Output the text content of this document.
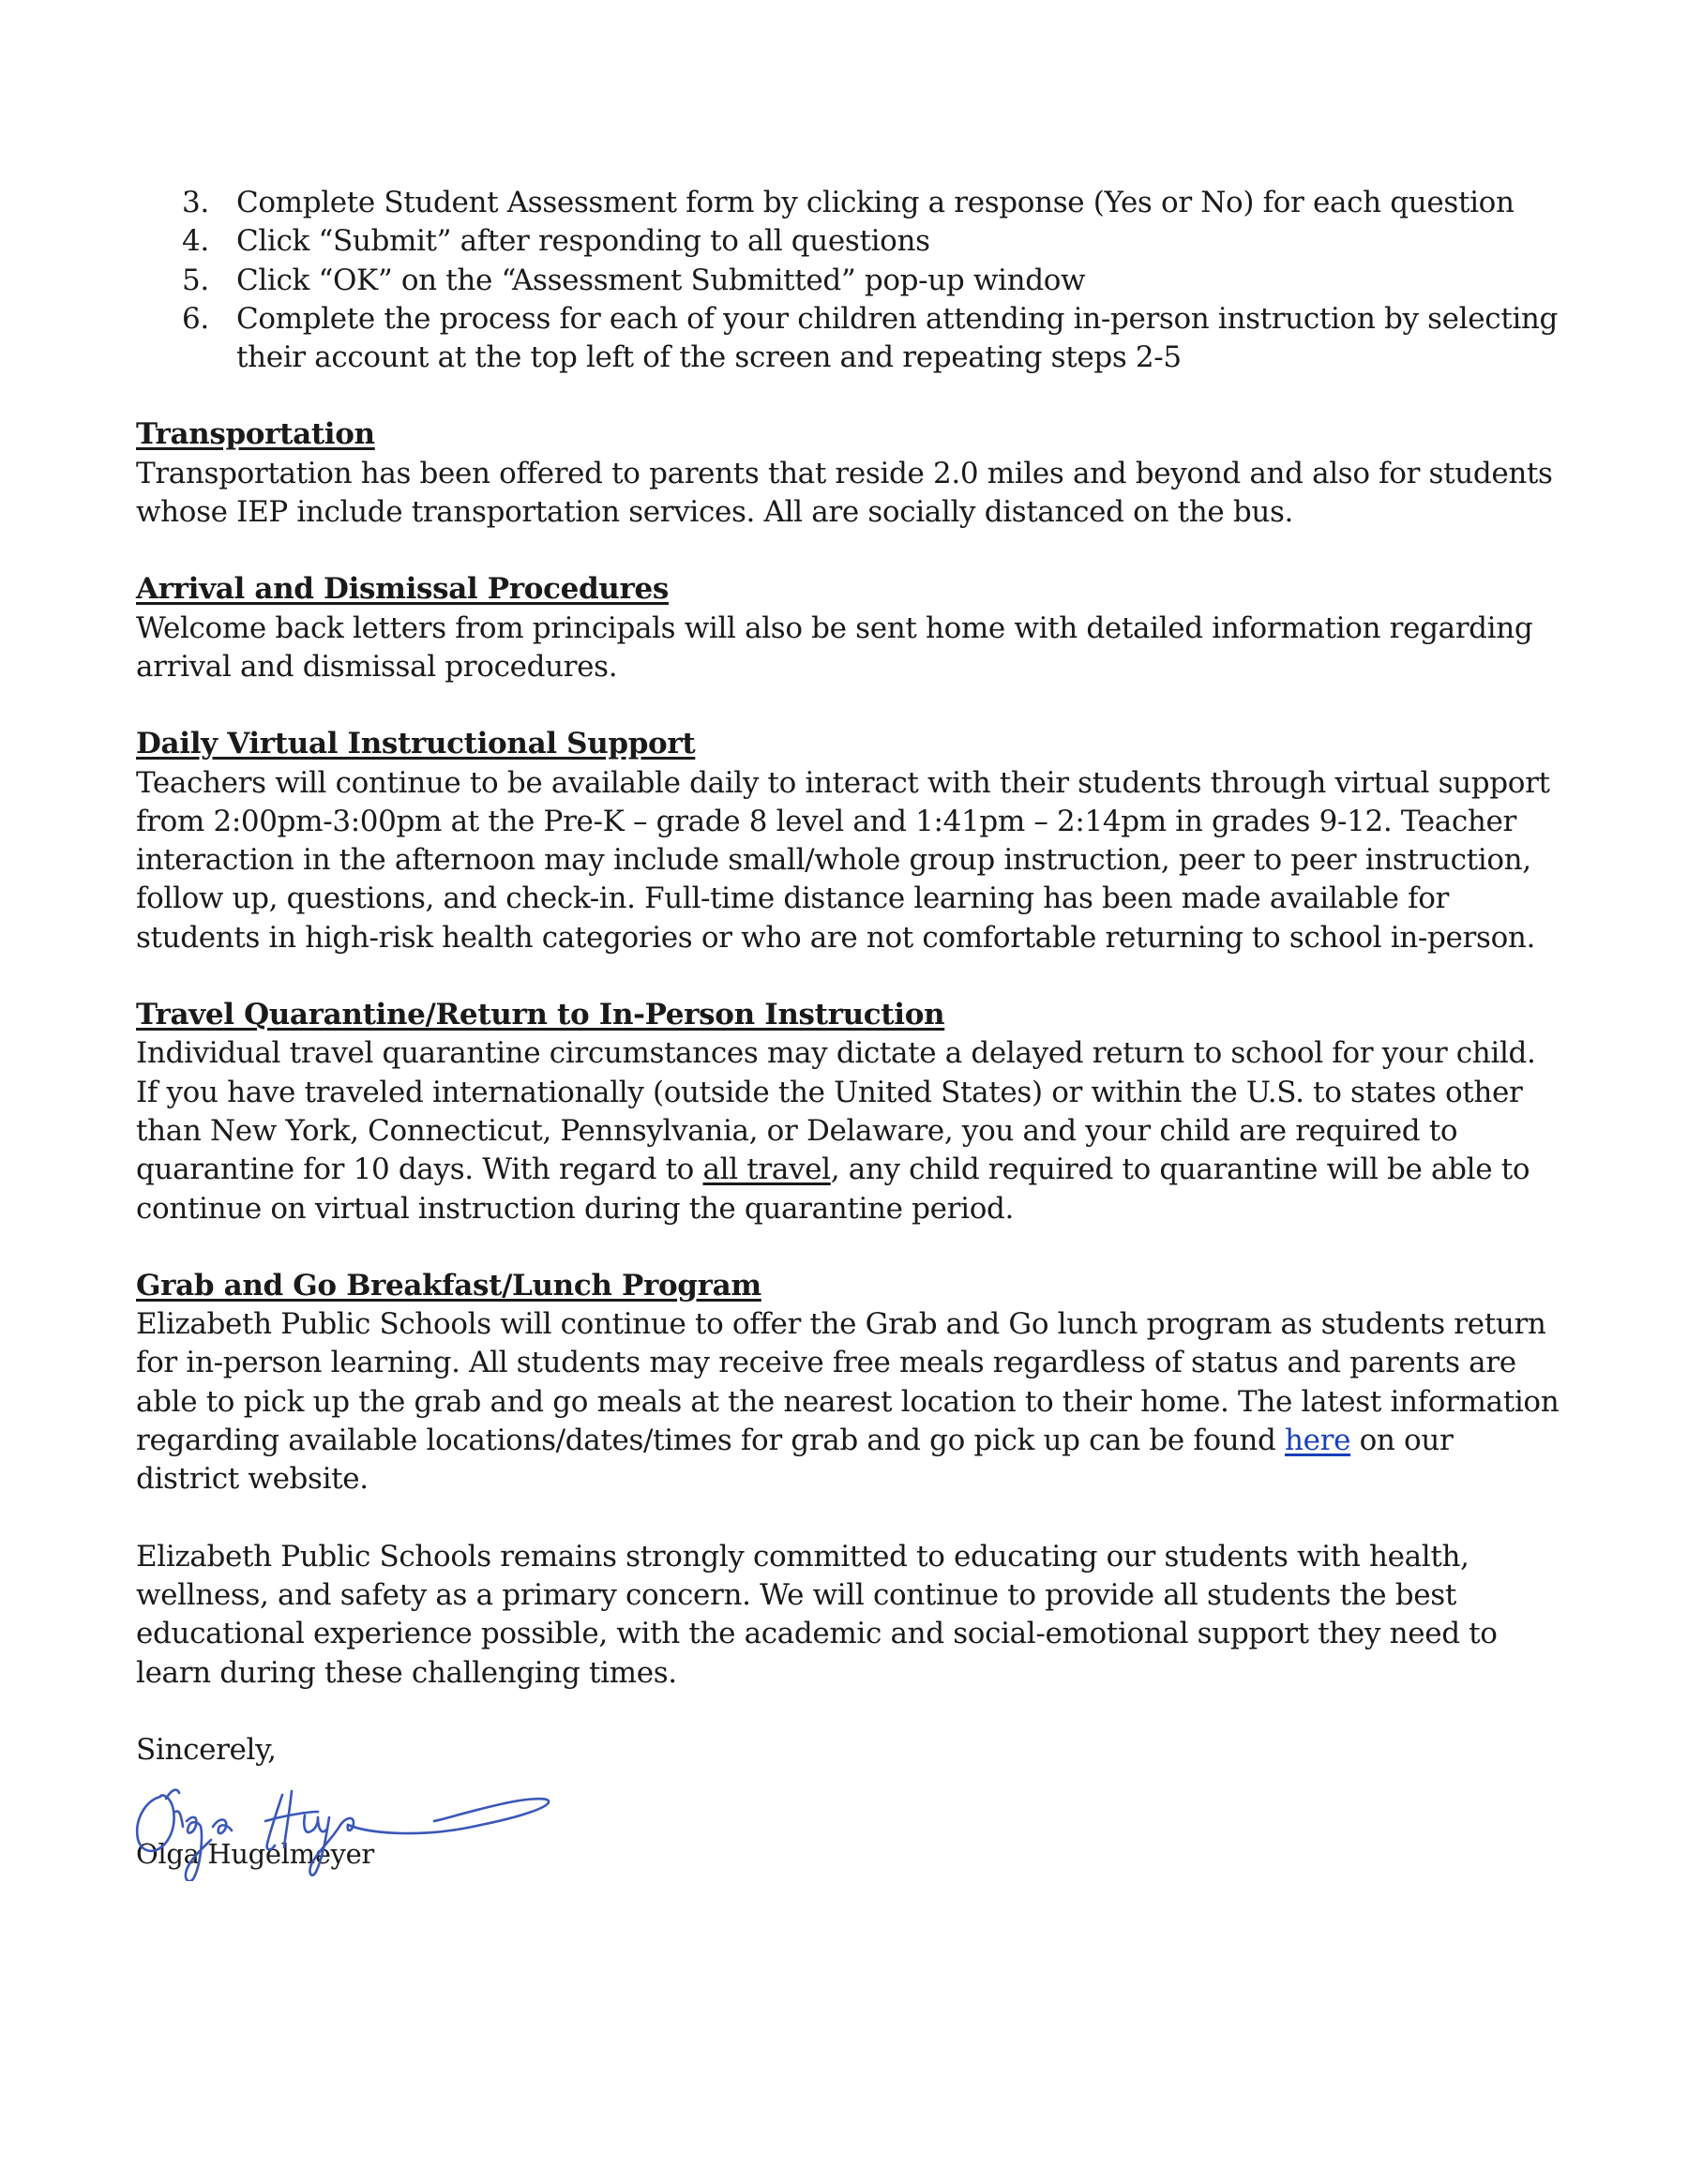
3. Complete Student Assessment form by clicking a response (Yes or No) for each question
4. Click “Submit” after responding to all questions
5. Click “OK” on the “Assessment Submitted” pop-up window
6. Complete the process for each of your children attending in-person instruction by selecting their account at the top left of the screen and repeating steps 2-5
Transportation

Transportation has been offered to parents that reside 2.0 miles and beyond and also for students whose IEP include transportation services. All are socially distanced on the bus.

Arrival and Dismissal Procedures

Welcome back letters from principals will also be sent home with detailed information regarding arrival and dismissal procedures.

Daily Virtual Instructional Support

Teachers will continue to be available daily to interact with their students through virtual support from 2:00pm-3:00pm at the Pre-K – grade 8 level and 1:41pm – 2:14pm in grades 9-12. Teacher interaction in the afternoon may include small/whole group instruction, peer to peer instruction, follow up, questions, and check-in. Full-time distance learning has been made available for students in high-risk health categories or who are not comfortable returning to school in-person.

Travel Quarantine/Return to In-Person Instruction

Individual travel quarantine circumstances may dictate a delayed return to school for your child. If you have traveled internationally (outside the United States) or within the U.S. to states other than New York, Connecticut, Pennsylvania, or Delaware, you and your child are required to quarantine for 10 days. With regard to all travel, any child required to quarantine will be able to continue on virtual instruction during the quarantine period.

Grab and Go Breakfast/Lunch Program

Elizabeth Public Schools will continue to offer the Grab and Go lunch program as students return for in-person learning. All students may receive free meals regardless of status and parents are able to pick up the grab and go meals at the nearest location to their home. The latest information regarding available locations/dates/times for grab and go pick up can be found here on our district website.

Elizabeth Public Schools remains strongly committed to educating our students with health, wellness, and safety as a primary concern. We will continue to provide all students the best educational experience possible, with the academic and social-emotional support they need to learn during these challenging times.

Sincerely,
Olga Hugelmeyer
